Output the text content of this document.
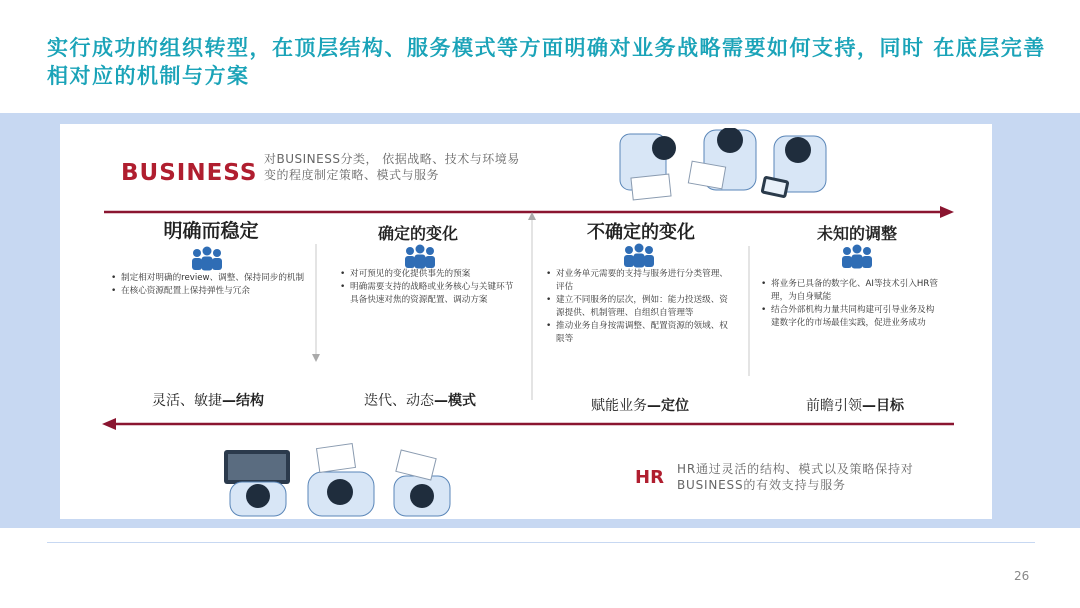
实行成功的组织转型，在顶层结构、服务模式等方面明确对业务战略需要如何支持，同时 在底层完善相对应的机制与方案
BUSINESS

对BUSINESS分类， 依据战略、技术与环境易变的程度制定策略、模式与服务

明确而稳定
• 制定相对明确的review、调整、保持同步的机制
• 在核心资源配置上保持弹性与冗余

灵活、敏捷—结构

确定的变化
• 对可预见的变化提供事先的预案
• 明确需要支持的战略或业务核心与关键环节具备快速对焦的资源配置、调动方案

迭代、动态—模式

不确定的变化
• 对业务单元需要的支持与服务进行分类管理、评估
• 建立不同服务的层次，例如：能力投送级、资源提供、机制管理、自组织自管理等
• 推动业务自身按需调整、配置资源的领域、权限等

赋能业务—定位

未知的调整
• 将业务已具备的数字化、AI等技术引入HR管理，为自身赋能
• 结合外部机构力量共同构建可引导业务及构建数字化的市场最佳实践，促进业务成功

前瞻引领—目标

HR HR通过灵活的结构、模式以及策略保持对BUSINESS的有效支持与服务

26
